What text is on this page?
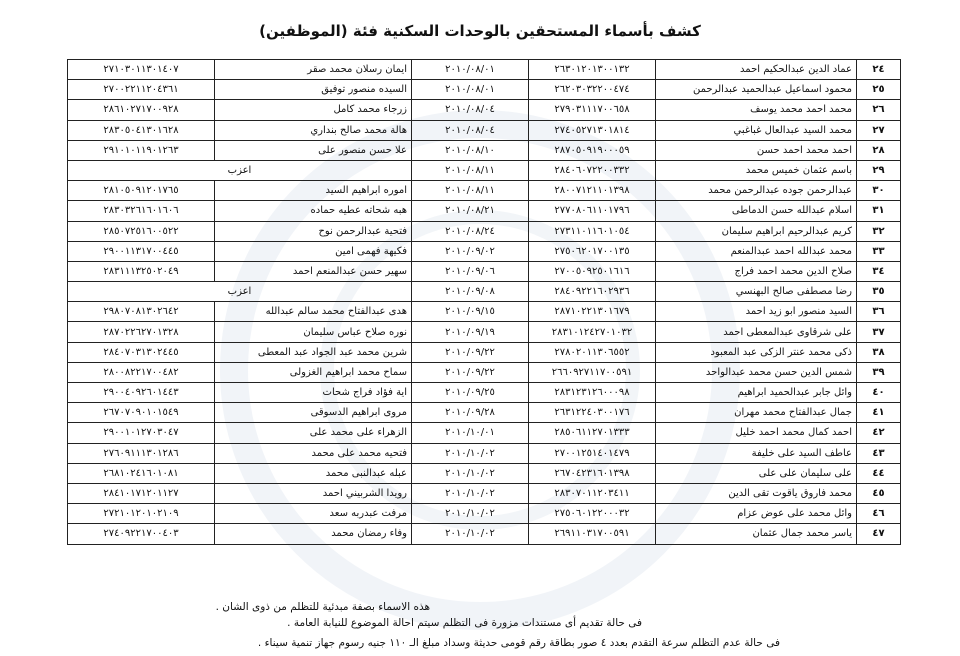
كشف بأسماء المستحقين بالوحدات السكنية فئة (الموظفين)
٢٤	عماد الدين عبدالحكيم احمد	٢٦٣٠١٢٠١٣٠٠١٣٢	٢٠١٠/٠٨/٠١	ايمان رسلان محمد صقر	٢٧١٠٣٠١١٣٠١٤٠٧
٢٥	محمود اسماعيل عبدالحميد عبدالرحمن	٢٦٢٠٣٠٣٢٢٠٠٤٧٤	٢٠١٠/٠٨/٠١	السيده منصور توفيق	٢٧٠٠٢٢١١٢٠٤٣٦١
٢٦	محمد احمد محمد يوسف	٢٧٩٠٣١١١٧٠٠٦٥٨	٢٠١٠/٠٨/٠٤	زرجاء محمد كامل	٢٨٦١٠٢٧١٧٠٠٩٢٨
٢٧	محمد السيد عبدالعال غباغبي	٢٧٤٠٥٢٧١٣٠١٨١٤	٢٠١٠/٠٨/٠٤	هالة محمد صالح بنداري	٢٨٣٠٥٠٤١٣٠١٦٢٨
٢٨	احمد محمد احمد حسن	٢٨٧٠٥٠٩١٩٠٠٠٥٩	٢٠١٠/٠٨/١٠	علا حسن منصور على	٢٩١٠١٠١١٩٠١٢٦٣
٢٩	باسم عثمان خميس محمد	٢٨٤٠٦٠٧٢٢٠٠٣٣٢	٢٠١٠/٠٨/١١	اعزب	
٣٠	عبدالرحمن جوده عبدالرحمن محمد	٢٨٠٠٧١٢١١٠١٣٩٨	٢٠١٠/٠٨/١١	اموره ابراهيم السيد	٢٨١٠٥٠٩١٢٠١٧٦٥
٣١	اسلام عبدالله حسن الدماطى	٢٧٧٠٨٠٦١١٠١٧٩٦	٢٠١٠/٠٨/٢١	هبه شحاته عطيه حماده	٢٨٣٠٣٢٦١٦٠١٦٠٦
٣٢	كريم عبدالرحيم ابراهيم سليمان	٢٧٣١١٠١١٦٠١٠٥٤	٢٠١٠/٠٨/٢٤	فتحية عبدالرحمن نوح	٢٨٥٠٧٢٥١٦٠٠٥٢٢
٣٣	محمد عبدالله احمد عبدالمنعم	٢٧٥٠٦٢٠١٧٠٠١٣٥	٢٠١٠/٠٩/٠٢	فكيهة فهمى امين	٢٩٠٠١١٣١٧٠٠٤٤٥
٣٤	صلاح الدين محمد احمد فراج	٢٧٠٠٥٠٩٢٥٠١٦١٦	٢٠١٠/٠٩/٠٦	سهير حسن عبدالمنعم احمد	٢٨٣١١١٣٢٥٠٢٠٤٩
٣٥	رضا مصطفى صالح البهنسي	٢٨٤٠٩٢٢١٦٠٢٩٣٦	٢٠١٠/٠٩/٠٨	اعزب	
٣٦	السيد منصور ابو زيد احمد	٢٨٧١٠٢٢١٣٠١٦٧٩	٢٠١٠/٠٩/١٥	هدى عبدالفتاح محمد سالم عبدالله	٢٩٨٠٧٠٨١٣٠٢٦٤٢
٣٧	على شرقاوى عبدالمعطى احمد	٢٨٣١٠١٢٤٢٧٠١٠٣٢	٢٠١٠/٠٩/١٩	نوره صلاح عباس سليمان	٢٨٧٠٢٢٦٢٧٠١٣٢٨
٣٨	ذكى محمد عنتر الزكى عبد المعبود	٢٧٨٠٢٠١١٣٠٦٥٥٢	٢٠١٠/٠٩/٢٢	شرين محمد عبد الجواد عبد المعطى	٢٨٤٠٧٠٣١٣٠٢٤٤٥
٣٩	شمس الدين حسن محمد عبدالواحد	٢٦٦٠٩٢٧١١٧٠٠٥٩١	٢٠١٠/٠٩/٢٢	سماح محمد ابراهيم الغزولى	٢٨٠٠٨٢٢١٧٠٠٤٨٢
٤٠	وائل جابر عبدالحميد ابراهيم	٢٨٣١٢٣١٢٦٠٠٠٩٨	٢٠١٠/٠٩/٢٥	اية فؤاد فراج شحات	٢٩٠٠٤٠٩٢٦٠١٤٤٣
٤١	جمال عبدالفتاح محمد مهران	٢٦٣١٢٢٤٠٣٠٠١٧٦	٢٠١٠/٠٩/٢٨	مروى ابراهيم الدسوقى	٢٦٧٠٧٠٩٠١٠١٥٤٩
٤٢	احمد كمال محمد احمد خليل	٢٨٥٠٦١١٢٧٠١٣٣٣	٢٠١٠/١٠/٠١	الزهراء على محمد على	٢٩٠٠١٠١٢٧٠٣٠٤٧
٤٣	عاطف السيد على خليفة	٢٧٠٠١٢٥١٤٠١٤٧٩	٢٠١٠/١٠/٠٢	فتحيه محمد على محمد	٢٧٦٠٩١١١٣٠١٢٨٦
٤٤	على سليمان على على	٢٦٧٠٤٢٣١٦٠١٣٩٨	٢٠١٠/١٠/٠٢	عبله عبدالنبى محمد	٢٦٨١٠٢٤١٦٠١٠٨١
٤٥	محمد فاروق ياقوت تقى الدين	٢٨٣٠٧٠١١٢٠٣٤١١	٢٠١٠/١٠/٠٢	رويدا الشربيني احمد	٢٨٤١٠١٧١٢٠١١٢٧
٤٦	وائل محمد على عوض عزام	٢٧٥٠٦٠١٢٢٠٠٠٣٢	٢٠١٠/١٠/٠٢	مرفت عبدربه سعد	٢٧٢١٠١٢٠١٠٢١٠٩
٤٧	ياسر محمد جمال عثمان	٢٦٩١١٠٣١٧٠٠٥٩١	٢٠١٠/١٠/٠٢	وفاء رمضان محمد	٢٧٤٠٩٢٢١٧٠٠٤٠٣
هذه الاسماء بصفة مبدئية للتظلم من ذوى الشان .
فى حالة تقديم أى مستندات مزورة فى التظلم سيتم احالة الموضوع للنيابة العامة .
فى حالة عدم التظلم سرعة التقدم بعدد ٤ صور بطاقة رقم قومى حديثة وسداد مبلغ الـ ١١٠ جنيه رسوم جهاز تنمية سيناء .
